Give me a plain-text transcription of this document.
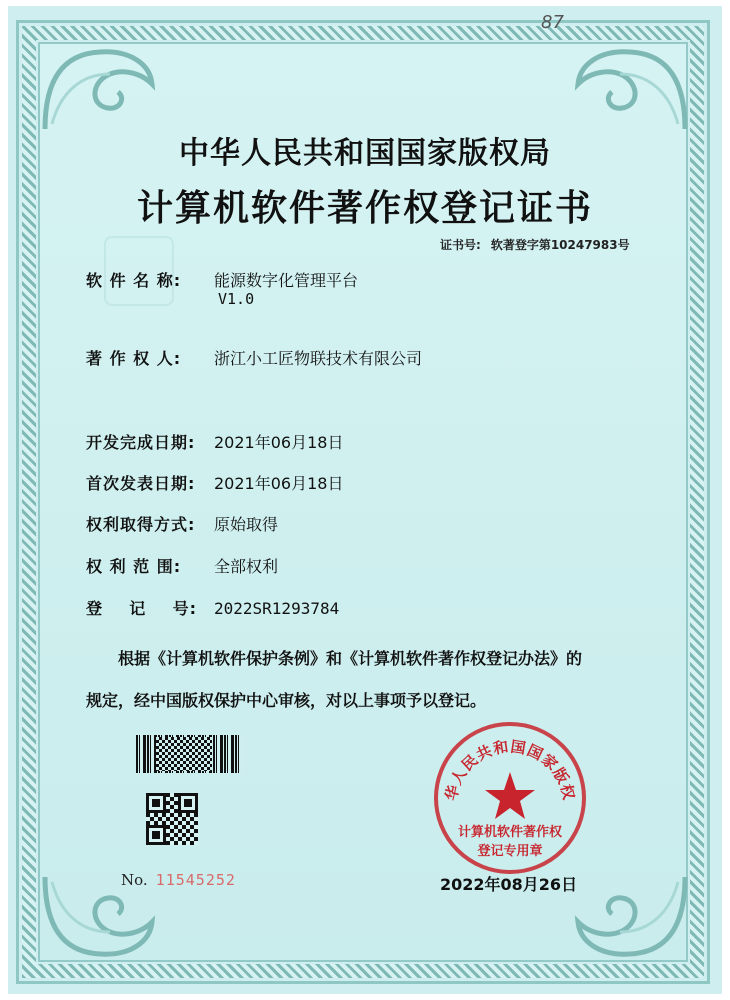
87
中华人民共和国国家版权局
计算机软件著作权登记证书
证书号: 软著登字第10247983号
软 件 名 称: 能源数字化管理平台
V1.0
著 作 权 人: 浙江小工匠物联技术有限公司
开发完成日期: 2021年06月18日
首次发表日期: 2021年06月18日
权利取得方式: 原始取得
权 利 范 围: 全部权利
登    记    号: 2022SR1293784
根据《计算机软件保护条例》和《计算机软件著作权登记办法》的
规定，经中国版权保护中心审核，对以上事项予以登记。
No. 11545252
华人民共和国国家版权
计算机软件著作权
登记专用章
2022年08月26日
